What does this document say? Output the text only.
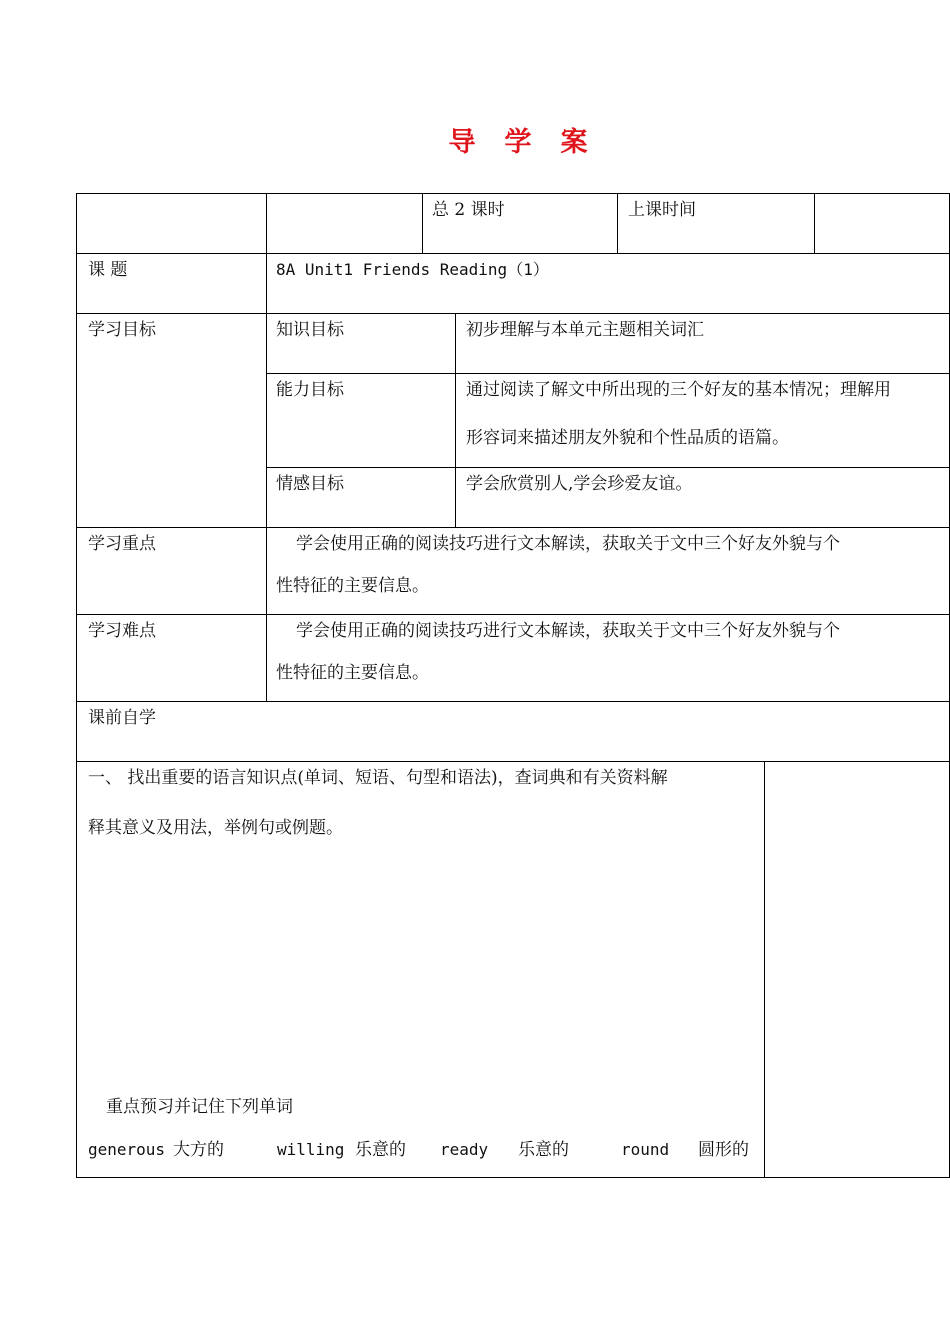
导 学 案
总 2 课时	上课时间
课 题	8A Unit1 Friends Reading（1）
学习目标	知识目标	初步理解与本单元主题相关词汇
能力目标	通过阅读了解文中所出现的三个好友的基本情况；理解用
形容词来描述朋友外貌和个性品质的语篇。
情感目标	学会欣赏别人,学会珍爱友谊。
学习重点	学会使用正确的阅读技巧进行文本解读，获取关于文中三个好友外貌与个
性特征的主要信息。
学习难点	学会使用正确的阅读技巧进行文本解读，获取关于文中三个好友外貌与个
性特征的主要信息。
课前自学
一、 找出重要的语言知识点(单词、短语、句型和语法)，查词典和有关资料解
释其意义及用法，举例句或例题。
重点预习并记住下列单词
generous 大方的	willing 乐意的 ready 乐意的	round 圆形的
